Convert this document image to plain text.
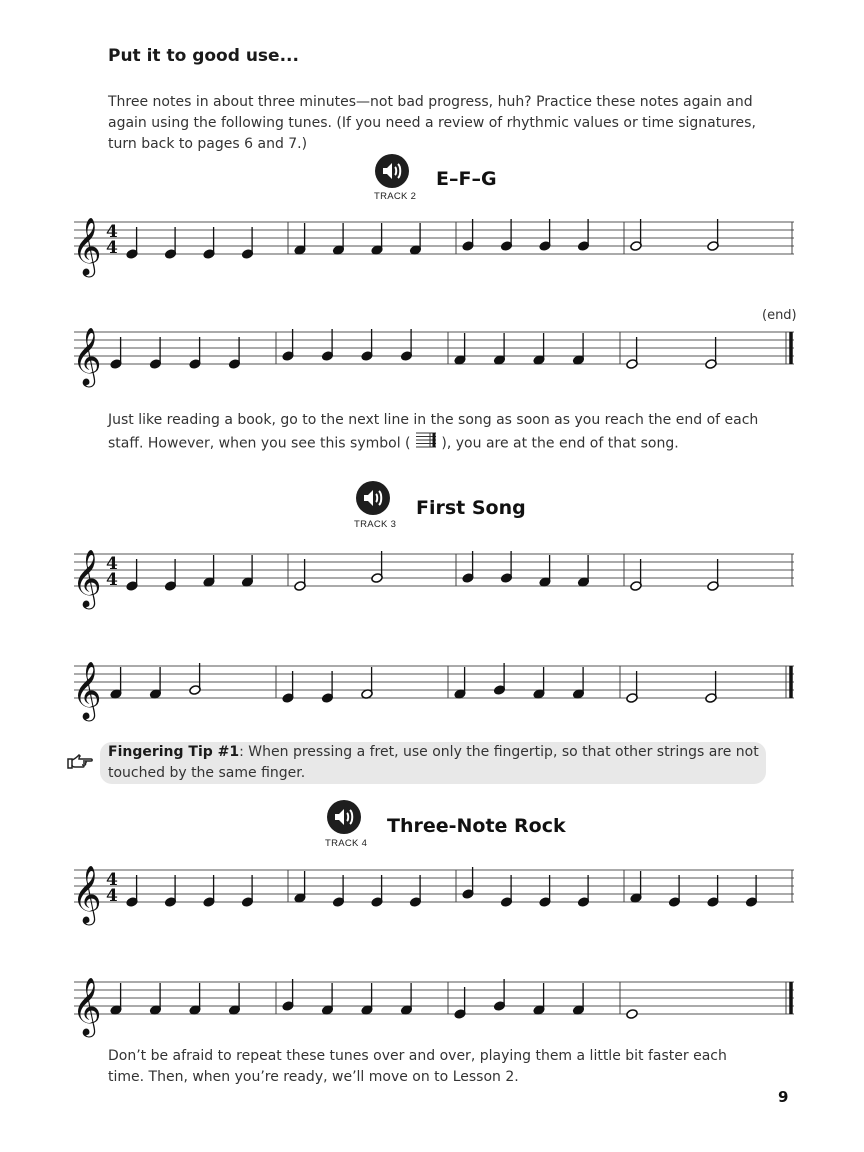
Put it to good use...
Three notes in about three minutes—not bad progress, huh? Practice these notes again and
again using the following tunes. (If you need a review of rhythmic values or time signatures,
turn back to pages 6 and 7.)
TRACK 2
E–F–G
𝄞 4
4
(end)
𝄞
Just like reading a book, go to the next line in the song as soon as you reach the end of each
staff. However, when you see this symbol ( ), you are at the end of that song.
TRACK 3
First Song
𝄞 4
4
𝄞
Fingering Tip #1: When pressing a fret, use only the fingertip, so that other strings are not
touched by the same finger.
TRACK 4
Three-Note Rock
𝄞 4
4
𝄞
Don’t be afraid to repeat these tunes over and over, playing them a little bit faster each
time. Then, when you’re ready, we’ll move on to Lesson 2.
9
